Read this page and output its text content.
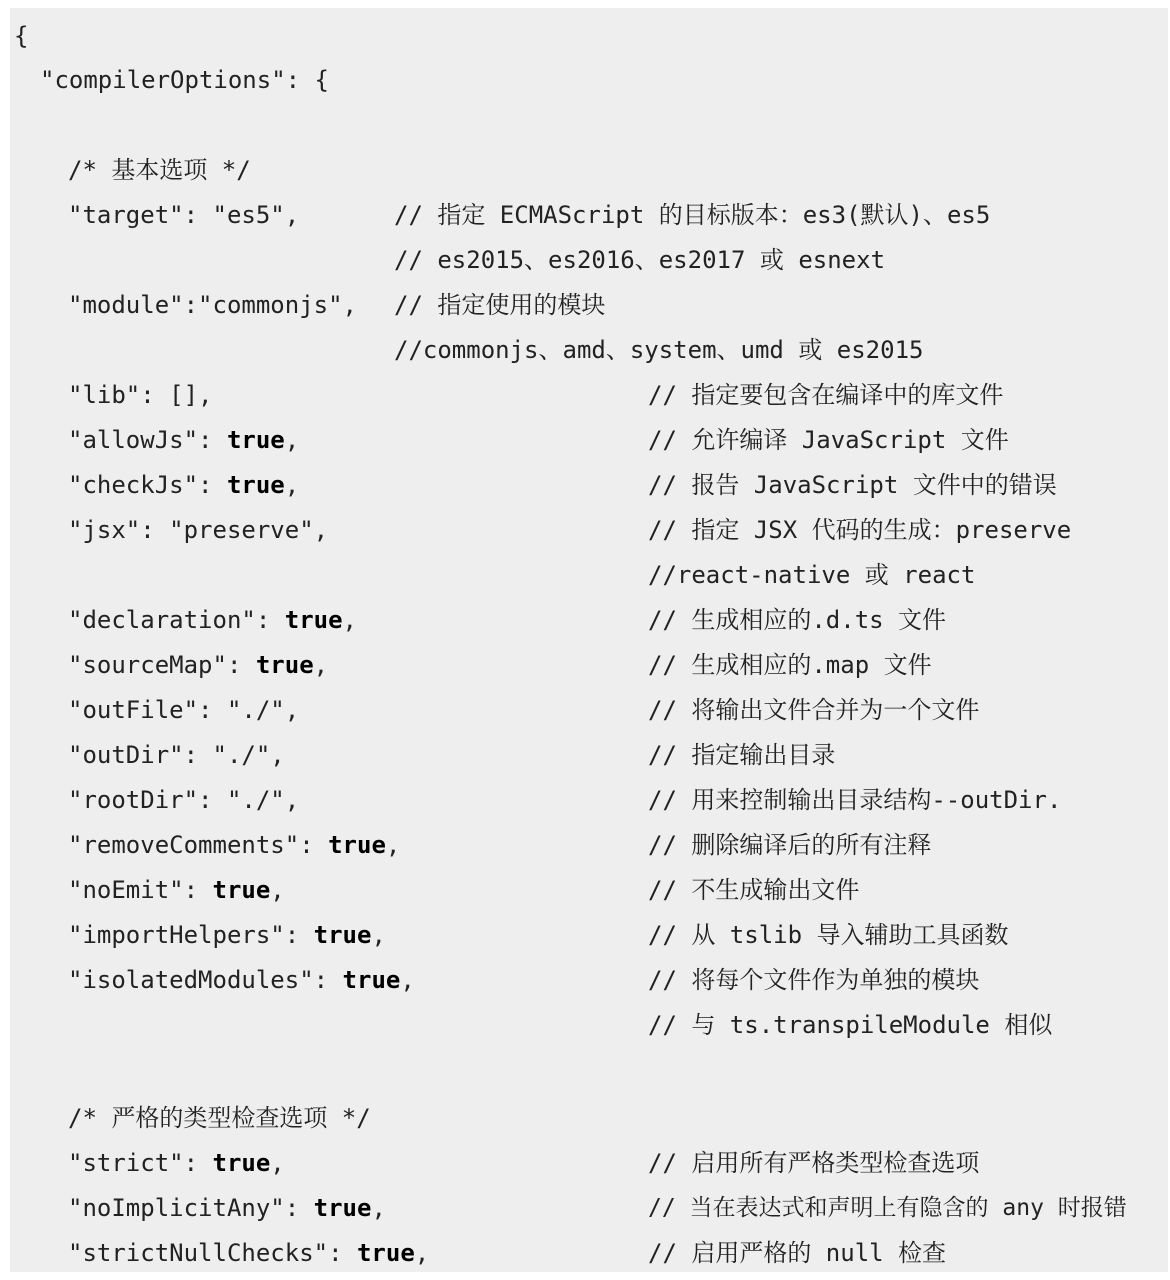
{
"compilerOptions": {
/* 基本选项 */
"target": "es5",	// 指定 ECMAScript 的目标版本：es3(默认)、es5
// es2015、es2016、es2017 或 esnext
"module":"commonjs", // 指定使用的模块
//commonjs、amd、system、umd 或 es2015
"lib": [],	// 指定要包含在编译中的库文件
"allowJs": true,	// 允许编译 JavaScript 文件
"checkJs": true,	// 报告 JavaScript 文件中的错误
"jsx": "preserve",	// 指定 JSX 代码的生成：preserve
//react-native 或 react
"declaration": true,	// 生成相应的.d.ts 文件
"sourceMap": true,	// 生成相应的.map 文件
"outFile": "./",	// 将输出文件合并为一个文件
"outDir": "./",	// 指定输出目录
"rootDir": "./",	// 用来控制输出目录结构--outDir.
"removeComments": true,	// 删除编译后的所有注释
"noEmit": true,	// 不生成输出文件
"importHelpers": true,	// 从 tslib 导入辅助工具函数
"isolatedModules": true,	// 将每个文件作为单独的模块
// 与 ts.transpileModule 相似
/* 严格的类型检查选项 */
"strict": true,	// 启用所有严格类型检查选项
"noImplicitAny": true,	// 当在表达式和声明上有隐含的 any 时报错
"strictNullChecks": true,	// 启用严格的 null 检查
